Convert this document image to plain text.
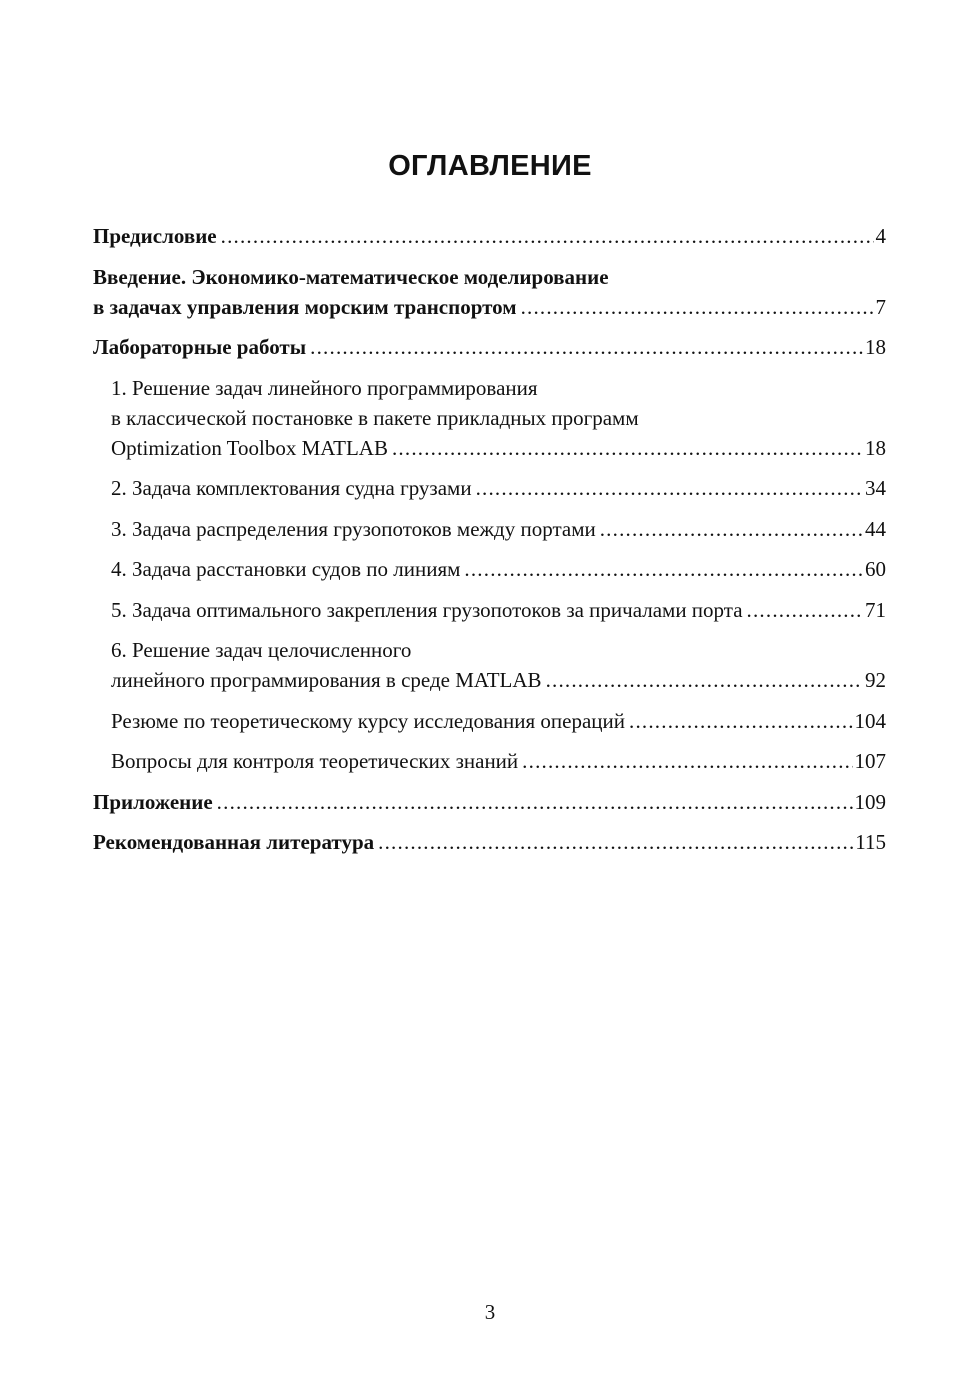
ОГЛАВЛЕНИЕ
Предисловие .....	4
Введение. Экономико-математическое моделирование
в задачах управления морским транспортом .....	7
Лабораторные работы .....	18
1. Решение задач линейного программирования
в классической постановке в пакете прикладных программ
Optimization Toolbox MATLAB .....	18
2. Задача комплектования судна грузами .....	34
3. Задача распределения грузопотоков между портами .....	44
4. Задача расстановки судов по линиям .....	60
5. Задача оптимального закрепления грузопотоков за причалами порта .....	71
6. Решение задач целочисленного
линейного программирования в среде MATLAB .....	92
Резюме по теоретическому курсу исследования операций .....	104
Вопросы для контроля теоретических знаний .....	107
Приложение .....	109
Рекомендованная литература .....	115
3
